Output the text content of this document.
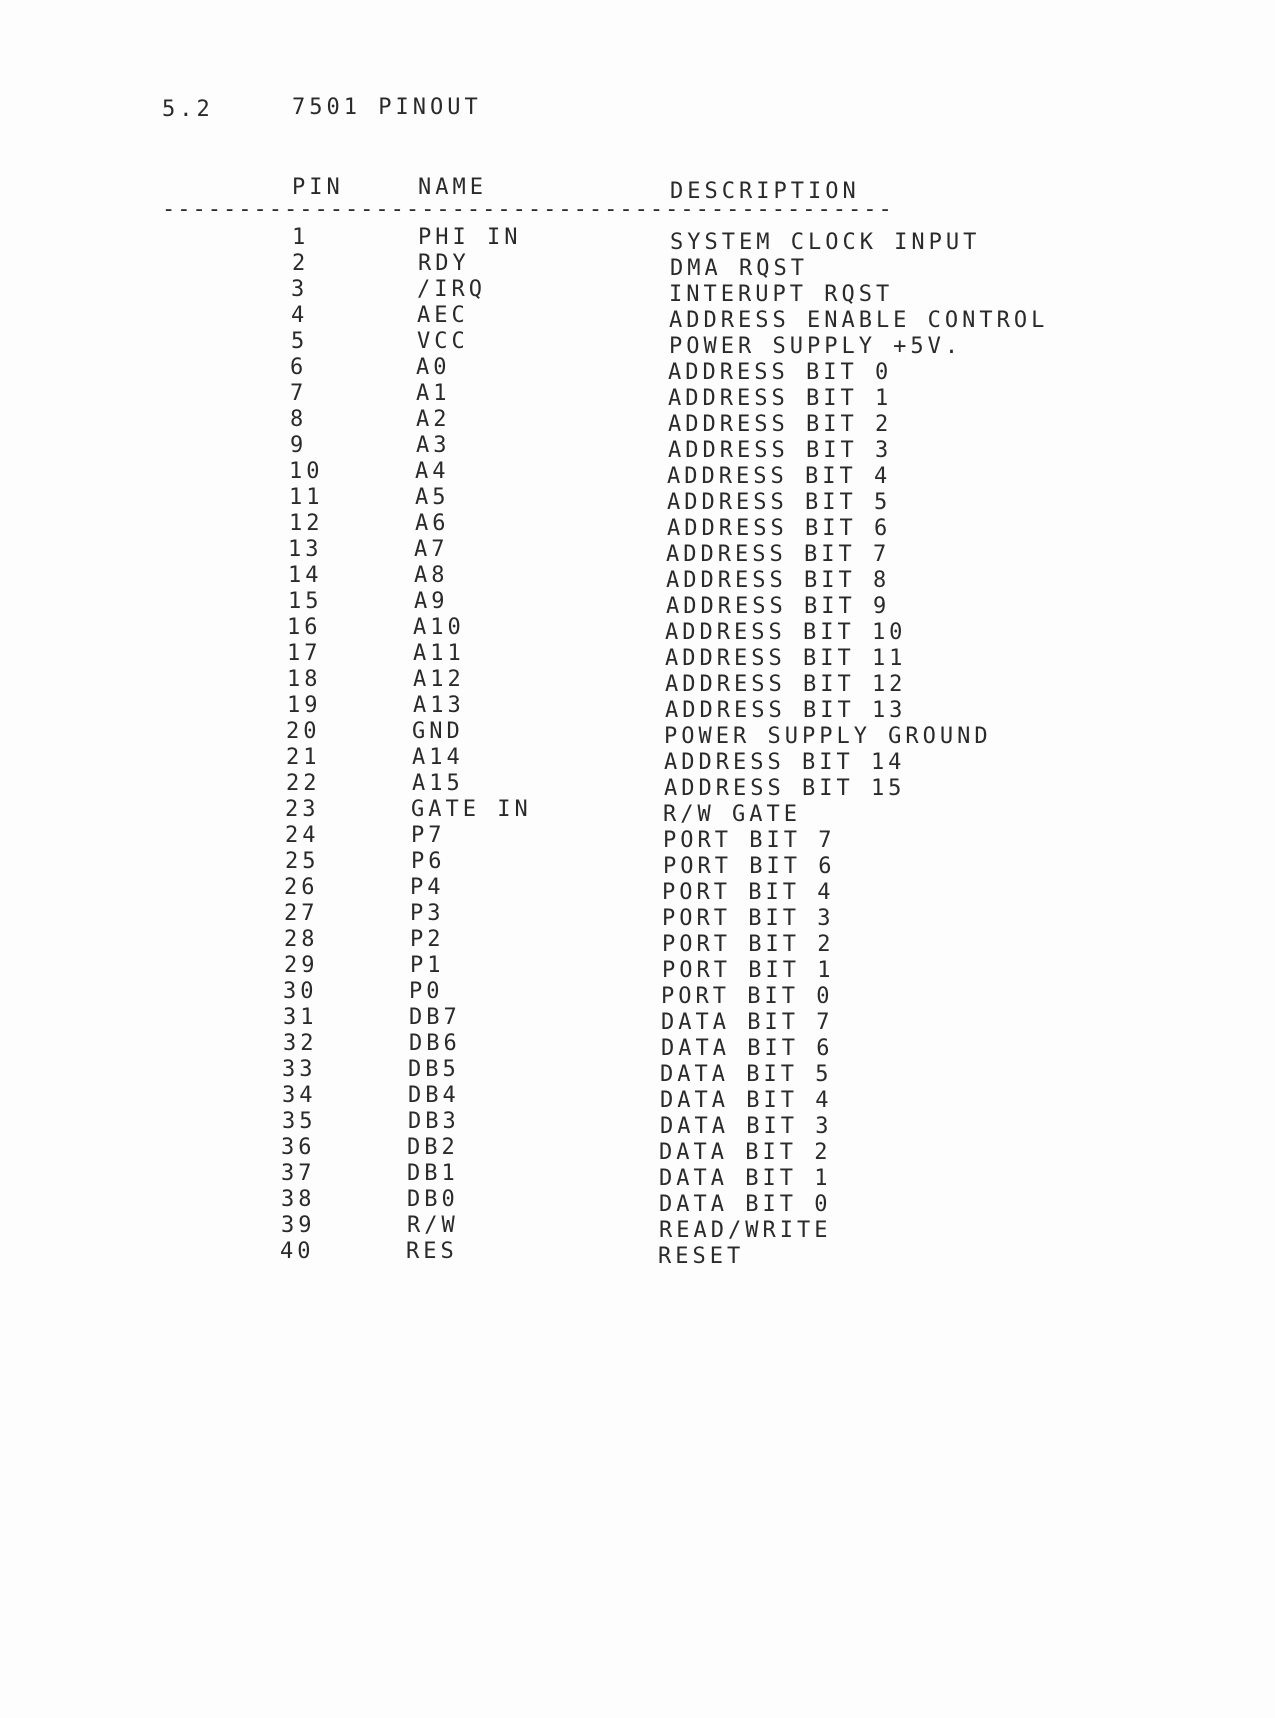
5.2	7501 PINOUT
PIN	NAME	DESCRIPTION
------------------------------------------------
1	PHI IN	SYSTEM CLOCK INPUT
2	RDY	DMA RQST
3	/IRQ	INTERUPT RQST
4	AEC	ADDRESS ENABLE CONTROL
5	VCC	POWER SUPPLY +5V.
6	A0	ADDRESS BIT 0
7	A1	ADDRESS BIT 1
8	A2	ADDRESS BIT 2
9	A3	ADDRESS BIT 3
10	A4	ADDRESS BIT 4
11	A5	ADDRESS BIT 5
12	A6	ADDRESS BIT 6
13	A7	ADDRESS BIT 7
14	A8	ADDRESS BIT 8
15	A9	ADDRESS BIT 9
16	A10	ADDRESS BIT 10
17	A11	ADDRESS BIT 11
18	A12	ADDRESS BIT 12
19	A13	ADDRESS BIT 13
20	GND	POWER SUPPLY GROUND
21	A14	ADDRESS BIT 14
22	A15	ADDRESS BIT 15
23	GATE IN	R/W GATE
24	P7	PORT BIT 7
25	P6	PORT BIT 6
26	P4	PORT BIT 4
27	P3	PORT BIT 3
28	P2	PORT BIT 2
29	P1	PORT BIT 1
30	P0	PORT BIT 0
31	DB7	DATA BIT 7
32	DB6	DATA BIT 6
33	DB5	DATA BIT 5
34	DB4	DATA BIT 4
35	DB3	DATA BIT 3
36	DB2	DATA BIT 2
37	DB1	DATA BIT 1
38	DB0	DATA BIT 0
39	R/W	READ/WRITE
40	RES	RESET
